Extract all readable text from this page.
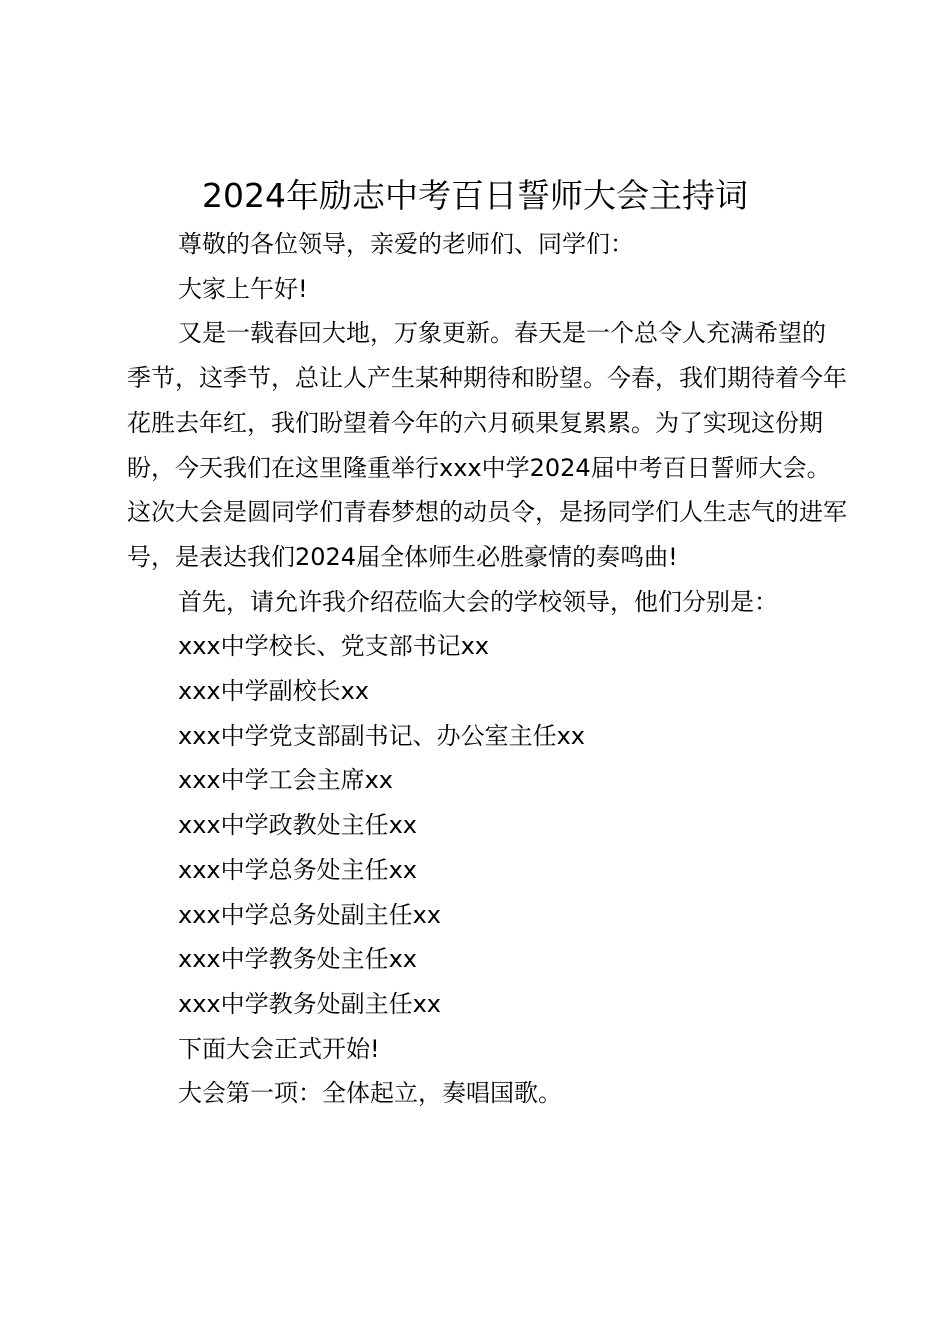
2024年励志中考百日誓师大会主持词

尊敬的各位领导，亲爱的老师们、同学们：

大家上午好!

又是一载春回大地，万象更新。春天是一个总令人充满希望的季节，这季节，总让人产生某种期待和盼望。今春，我们期待着今年花胜去年红，我们盼望着今年的六月硕果复累累。为了实现这份期盼，今天我们在这里隆重举行xxx中学2024届中考百日誓师大会。这次大会是圆同学们青春梦想的动员令，是扬同学们人生志气的进军号，是表达我们2024届全体师生必胜豪情的奏鸣曲!

首先，请允许我介绍莅临大会的学校领导，他们分别是：

xxx中学校长、党支部书记xx

xxx中学副校长xx

xxx中学党支部副书记、办公室主任xx

xxx中学工会主席xx

xxx中学政教处主任xx

xxx中学总务处主任xx

xxx中学总务处副主任xx

xxx中学教务处主任xx

xxx中学教务处副主任xx

下面大会正式开始!

大会第一项：全体起立，奏唱国歌。
